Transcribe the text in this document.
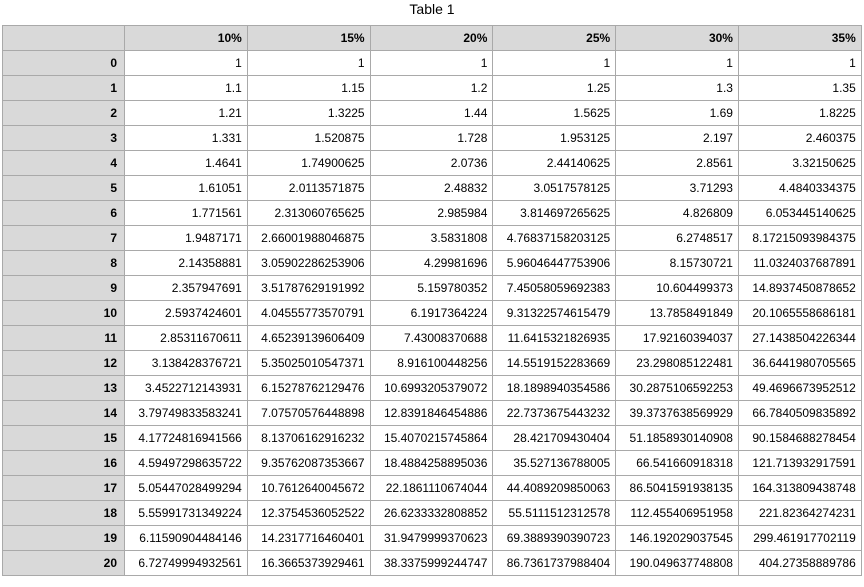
Table 1
	10%	15%	20%	25%	30%	35%
0	1	1	1	1	1	1
1	1.1	1.15	1.2	1.25	1.3	1.35
2	1.21	1.3225	1.44	1.5625	1.69	1.8225
3	1.331	1.520875	1.728	1.953125	2.197	2.460375
4	1.4641	1.74900625	2.0736	2.44140625	2.8561	3.32150625
5	1.61051	2.0113571875	2.48832	3.0517578125	3.71293	4.4840334375
6	1.771561	2.313060765625	2.985984	3.814697265625	4.826809	6.053445140625
7	1.9487171	2.66001988046875	3.5831808	4.76837158203125	6.2748517	8.17215093984375
8	2.14358881	3.05902286253906	4.29981696	5.96046447753906	8.15730721	11.0324037687891
9	2.357947691	3.51787629191992	5.159780352	7.45058059692383	10.604499373	14.8937450878652
10	2.5937424601	4.04555773570791	6.1917364224	9.31322574615479	13.7858491849	20.1065558686181
11	2.85311670611	4.65239139606409	7.43008370688	11.6415321826935	17.92160394037	27.1438504226344
12	3.138428376721	5.35025010547371	8.916100448256	14.5519152283669	23.298085122481	36.6441980705565
13	3.4522712143931	6.15278762129476	10.6993205379072	18.1898940354586	30.2875106592253	49.4696673952512
14	3.79749833583241	7.07570576448898	12.8391846454886	22.7373675443232	39.3737638569929	66.7840509835892
15	4.17724816941566	8.13706162916232	15.4070215745864	28.421709430404	51.1858930140908	90.1584688278454
16	4.59497298635722	9.35762087353667	18.4884258895036	35.527136788005	66.541660918318	121.713932917591
17	5.05447028499294	10.7612640045672	22.1861110674044	44.4089209850063	86.5041591938135	164.313809438748
18	5.55991731349224	12.3754536052522	26.6233332808852	55.5111512312578	112.455406951958	221.82364274231
19	6.11590904484146	14.2317716460401	31.9479999370623	69.3889390390723	146.192029037545	299.461917702119
20	6.72749994932561	16.3665373929461	38.3375999244747	86.7361737988404	190.049637748808	404.27358889786
